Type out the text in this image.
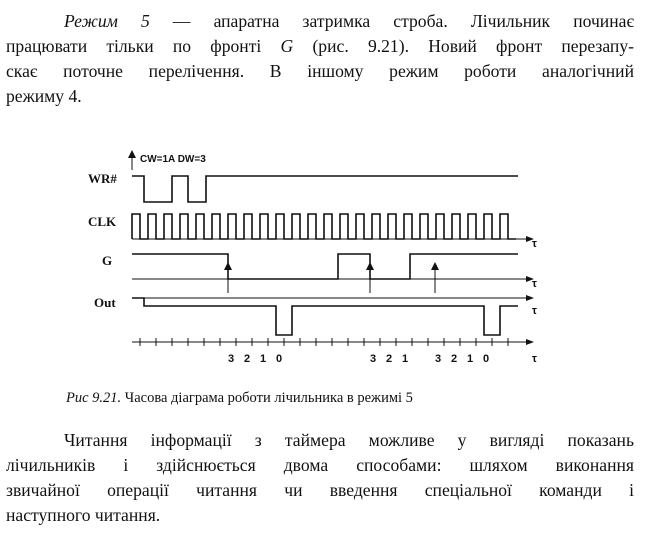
Режим 5 — апаратна затримка строба. Лічильник починає
працювати тільки по фронті G (рис. 9.21). Новий фронт перезапу-
скає поточне перелічення. В іншому режим роботи аналогічний
режиму 4.
CW=1A DW=3
WR#
CLK
G
Out
τ
τ
τ
τ
3 2 1 0	3 2 1 3 2 1 0

Рис 9.21. Часова діаграма роботи лічильника в режимі 5

Читання інформації з таймера можливе у вигляді показань
лічильників і здійснюється двома способами: шляхом виконання
звичайної операції читання чи введення спеціальної команди і
наступного читання.
